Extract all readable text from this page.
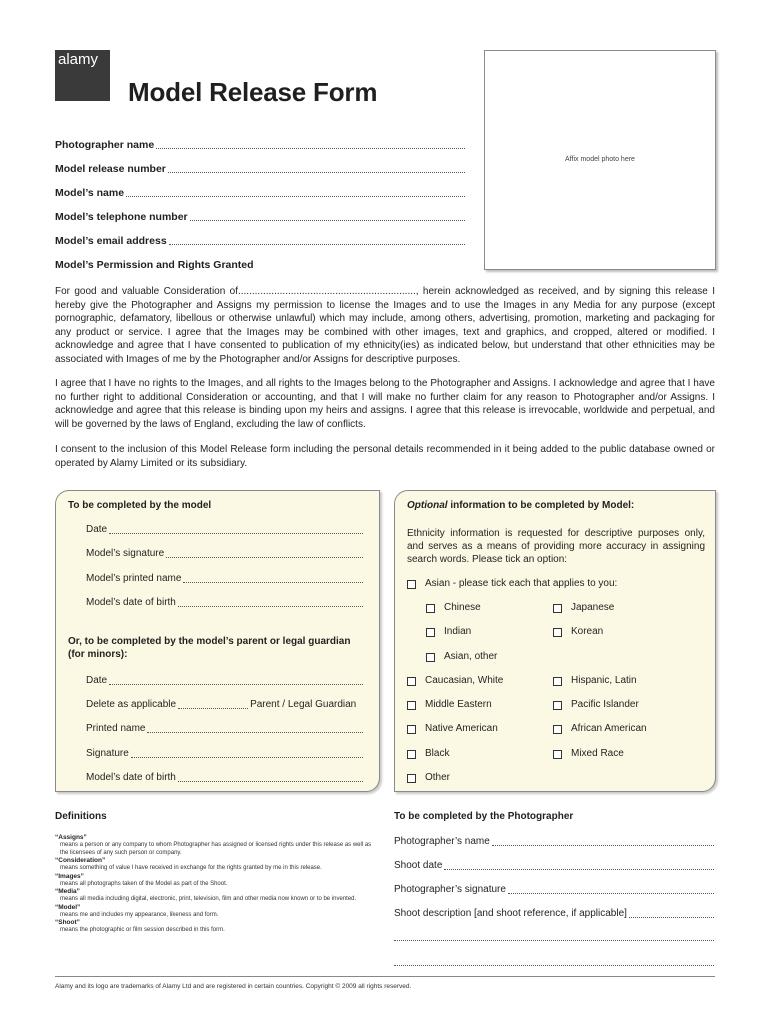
alamy
Model Release Form
Affix model photo here
Photographer name
Model release number
Model’s name
Model’s telephone number
Model’s email address
Model’s Permission and Rights Granted
For good and valuable Consideration of................................................................, herein acknowledged as received, and by signing this release I hereby give the Photographer and Assigns my permission to license the Images and to use the Images in any Media for any purpose (except pornographic, defamatory, libellous or otherwise unlawful) which may include, among others, advertising, promotion, marketing and packaging for any product or service. I agree that the Images may be combined with other images, text and graphics, and cropped, altered or modified. I acknowledge and agree that I have consented to publication of my ethnicity(ies) as indicated below, but understand that other ethnicities may be associated with Images of me by the Photographer and/or Assigns for descriptive purposes.
I agree that I have no rights to the Images, and all rights to the Images belong to the Photographer and Assigns. I acknowledge and agree that I have no further right to additional Consideration or accounting, and that I will make no further claim for any reason to Photographer and/or Assigns. I acknowledge and agree that this release is binding upon my heirs and assigns. I agree that this release is irrevocable, worldwide and perpetual, and will be governed by the laws of England, excluding the law of conflicts.
I consent to the inclusion of this Model Release form including the personal details recommended in it being added to the public database owned or operated by Alamy Limited or its subsidiary.
To be completed by the model
Date
Model’s signature
Model’s printed name
Model’s date of birth
Or, to be completed by the model’s parent or legal guardian (for minors):
Date
Delete as applicable	Parent / Legal Guardian
Printed name
Signature
Model’s date of birth
Optional information to be completed by Model:
Ethnicity information is requested for descriptive purposes only, and serves as a means of providing more accuracy in assigning search words. Please tick an option:
Asian - please tick each that applies to you:
Chinese	Japanese
Indian	Korean
Asian, other
Caucasian, White	Hispanic, Latin
Middle Eastern	Pacific Islander
Native American	African American
Black	Mixed Race
Other
Definitions
“Assigns”
means a person or any company to whom Photographer has assigned or licensed rights under this release as well as the licensees of any such person or company.
“Consideration”
means something of value I have received in exchange for the rights granted by me in this release.
“Images”
means all photographs taken of the Model as part of the Shoot.
“Media”
means all media including digital, electronic, print, television, film and other media now known or to be invented.
“Model”
means me and includes my appearance, likeness and form.
“Shoot”
means the photographic or film session described in this form.
To be completed by the Photographer
Photographer’s name
Shoot date
Photographer’s signature
Shoot description [and shoot reference, if applicable]
Alamy and its logo are trademarks of Alamy Ltd and are registered in certain countries. Copyright © 2009 all rights reserved.
